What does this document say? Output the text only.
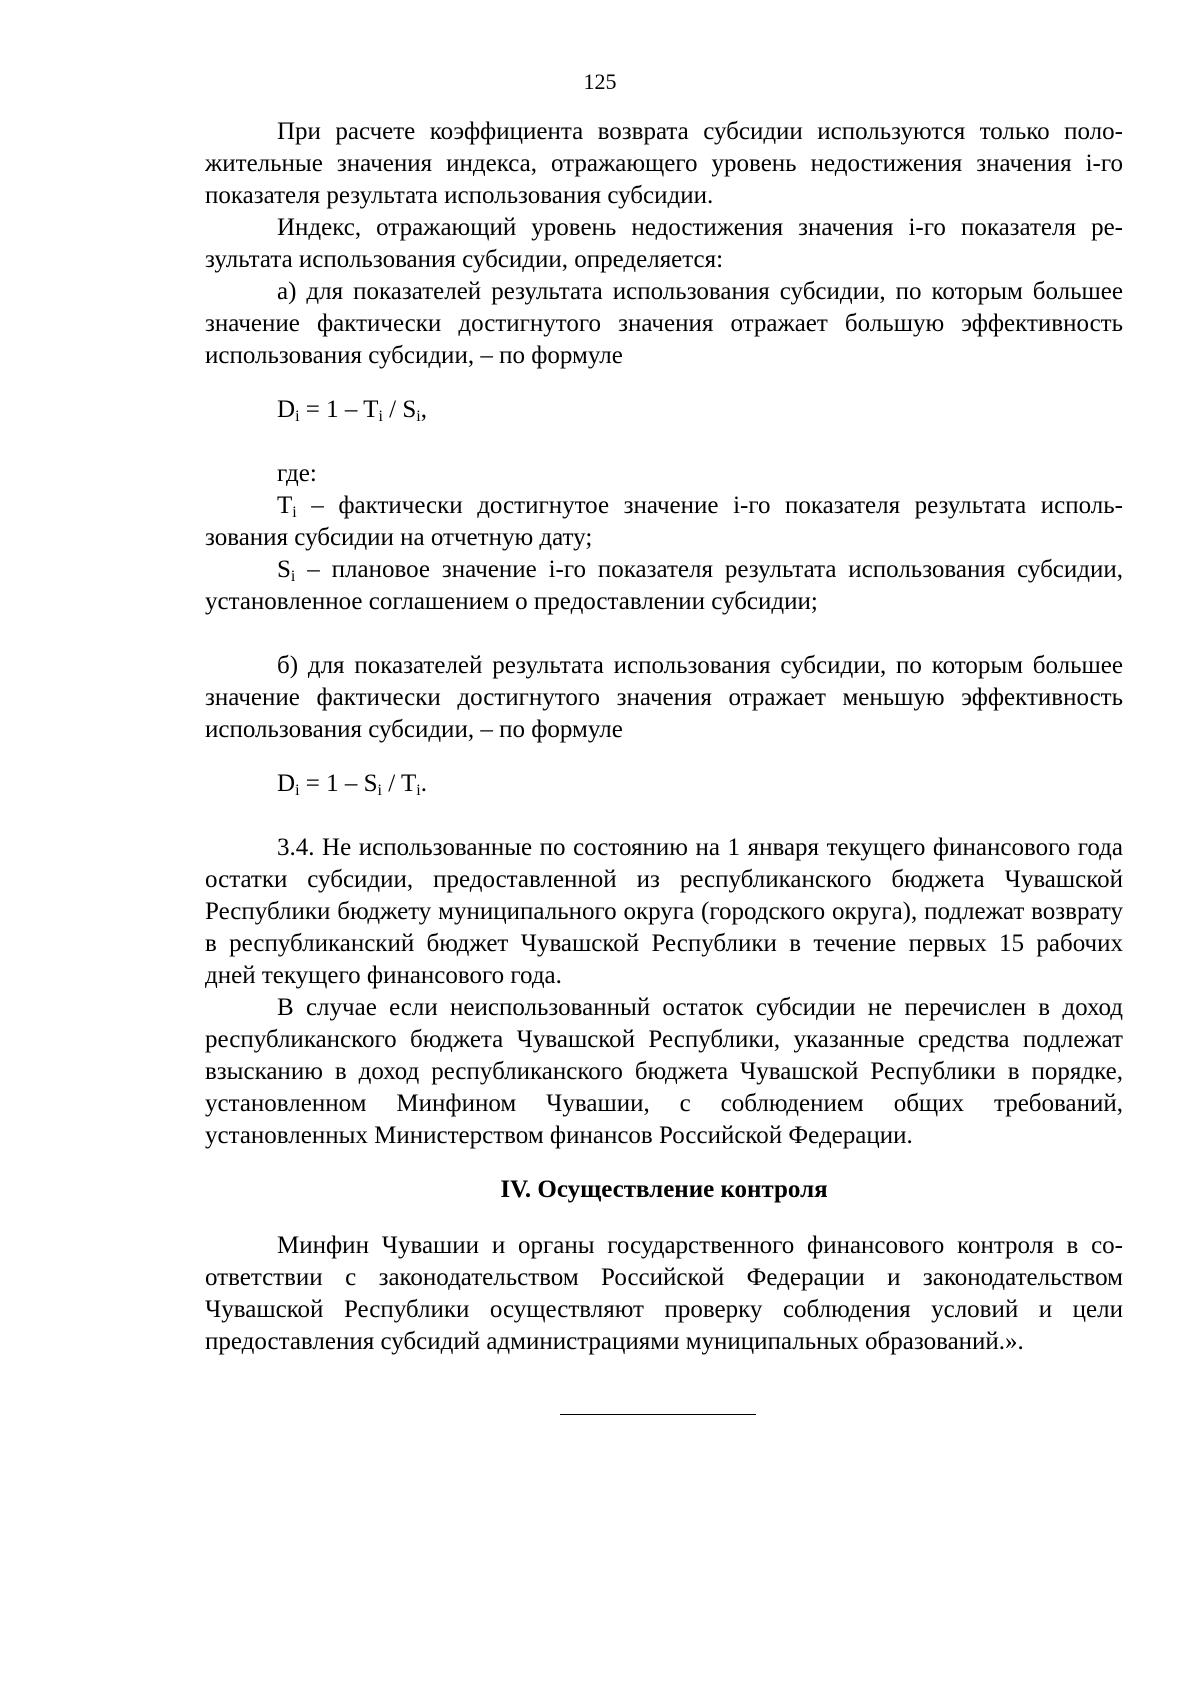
125

При расчете коэффициента возврата субсидии используются только положительные значения индекса, отражающего уровень недостижения значения i-го показателя результата использования субсидии.

Индекс, отражающий уровень недостижения значения i-го показателя результата использования субсидии, определяется:

а) для показателей результата использования субсидии, по которым большее значение фактически достигнутого значения отражает большую эффективность использования субсидии, – по формуле

$D_i = 1 - T_i / S_i$,

где:

$T_i$ – фактически достигнутое значение i-го показателя результата использования субсидии на отчетную дату;

$S_i$ – плановое значение i-го показателя результата использования субсидии, установленное соглашением о предоставлении субсидии;

б) для показателей результата использования субсидии, по которым большее значение фактически достигнутого значения отражает меньшую эффективность использования субсидии, – по формуле

$D_i = 1 - S_i / T_i$.

3.4. Не использованные по состоянию на 1 января текущего финансового года остатки субсидии, предоставленной из республиканского бюджета Чувашской Республики бюджету муниципального округа (городского округа), подлежат возврату в республиканский бюджет Чувашской Республики в течение первых 15 рабочих дней текущего финансового года.

В случае если неиспользованный остаток субсидии не перечислен в доход республиканского бюджета Чувашской Республики, указанные средства подлежат взысканию в доход республиканского бюджета Чувашской Республики в порядке, установленном Минфином Чувашии, с соблюдением общих требований, установленных Министерством финансов Российской Федерации.

IV. Осуществление контроля

Минфин Чувашии и органы государственного финансового контроля в соответствии с законодательством Российской Федерации и законодательством Чувашской Республики осуществляют проверку соблюдения условий и цели предоставления субсидий администрациями муниципальных образований.».
